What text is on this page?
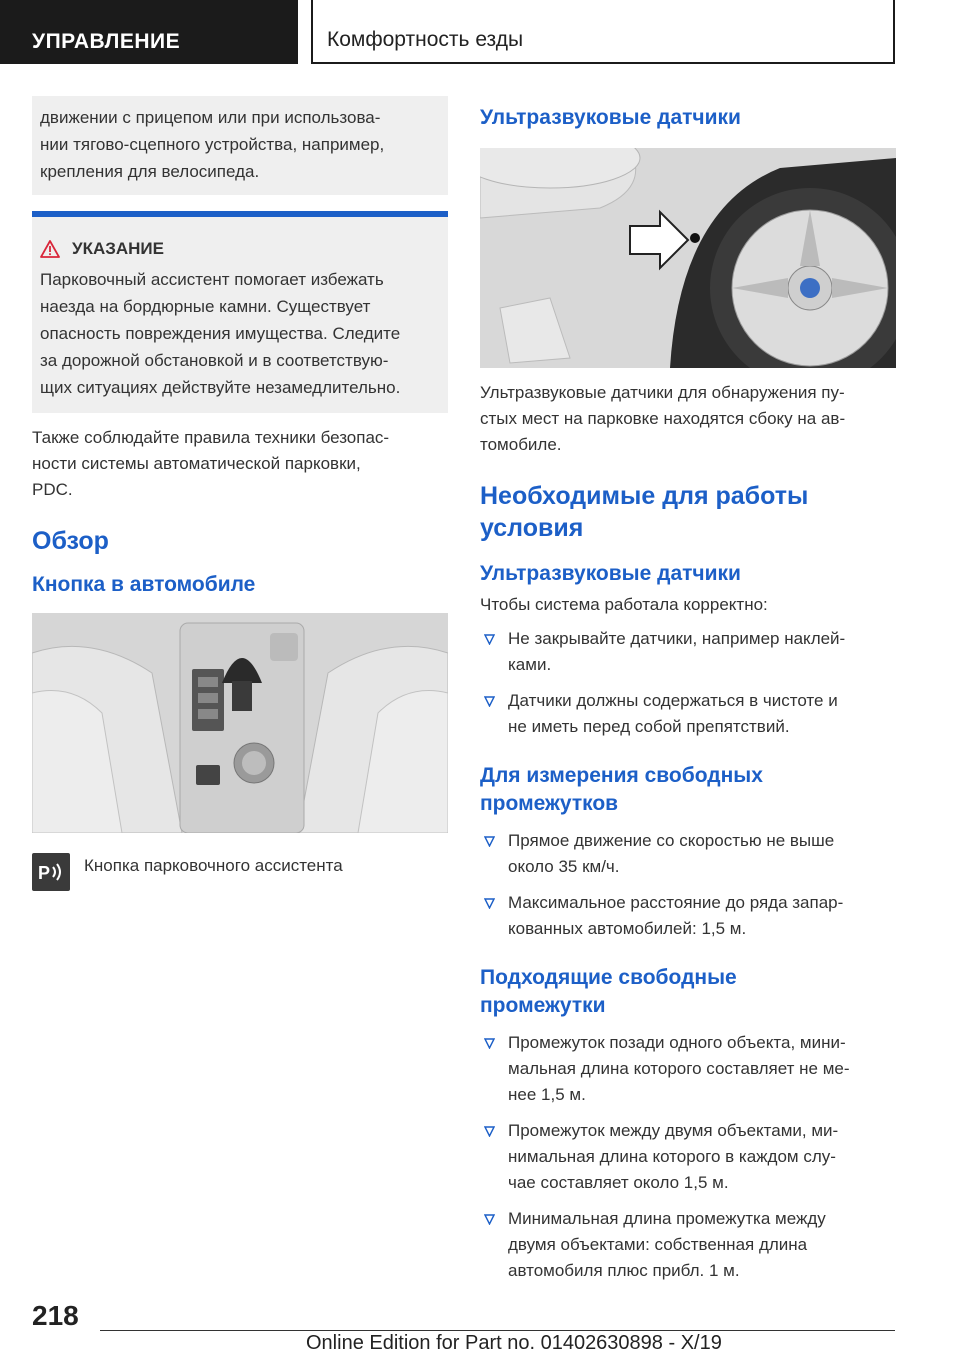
УПРАВЛЕНИЕ	Комфортность езды

движении с прицепом или при использова-

нии тягово-сцепного устройства, например,

крепления для велосипеда.

УКАЗАНИЕ

Парковочный ассистент помогает избежать

наезда на бордюрные камни. Существует

опасность повреждения имущества. Следите

за дорожной обстановкой и в соответствую-

щих ситуациях действуйте незамедлительно.

Также соблюдайте правила техники безопас-

ности системы автоматической парковки,

PDC.

Обзор
Кнопка в автомобиле
P Кнопка парковочного ассистента
Ультразвуковые датчики

Ультразвуковые датчики для обнаружения пу-

стых мест на парковке находятся сбоку на ав-

томобиле.

Необходимые для работы
условия
Ультразвуковые датчики
Чтобы система работала корректно:
Не закрывайте датчики, например наклей-
ками.
Датчики должны содержаться в чистоте и
не иметь перед собой препятствий.
Для измерения свободных
промежутков
Прямое движение со скоростью не выше
около 35 км/ч.
Максимальное расстояние до ряда запар-
кованных автомобилей: 1,5 м.
Подходящие свободные
промежутки
Промежуток позади одного объекта, мини-
мальная длина которого составляет не ме-
нее 1,5 м.
Промежуток между двумя объектами, ми-
нимальная длина которого в каждом слу-
чае составляет около 1,5 м.
Минимальная длина промежутка между
двумя объектами: собственная длина
автомобиля плюс прибл. 1 м.
218
Online Edition for Part no. 01402630898 - X/19
